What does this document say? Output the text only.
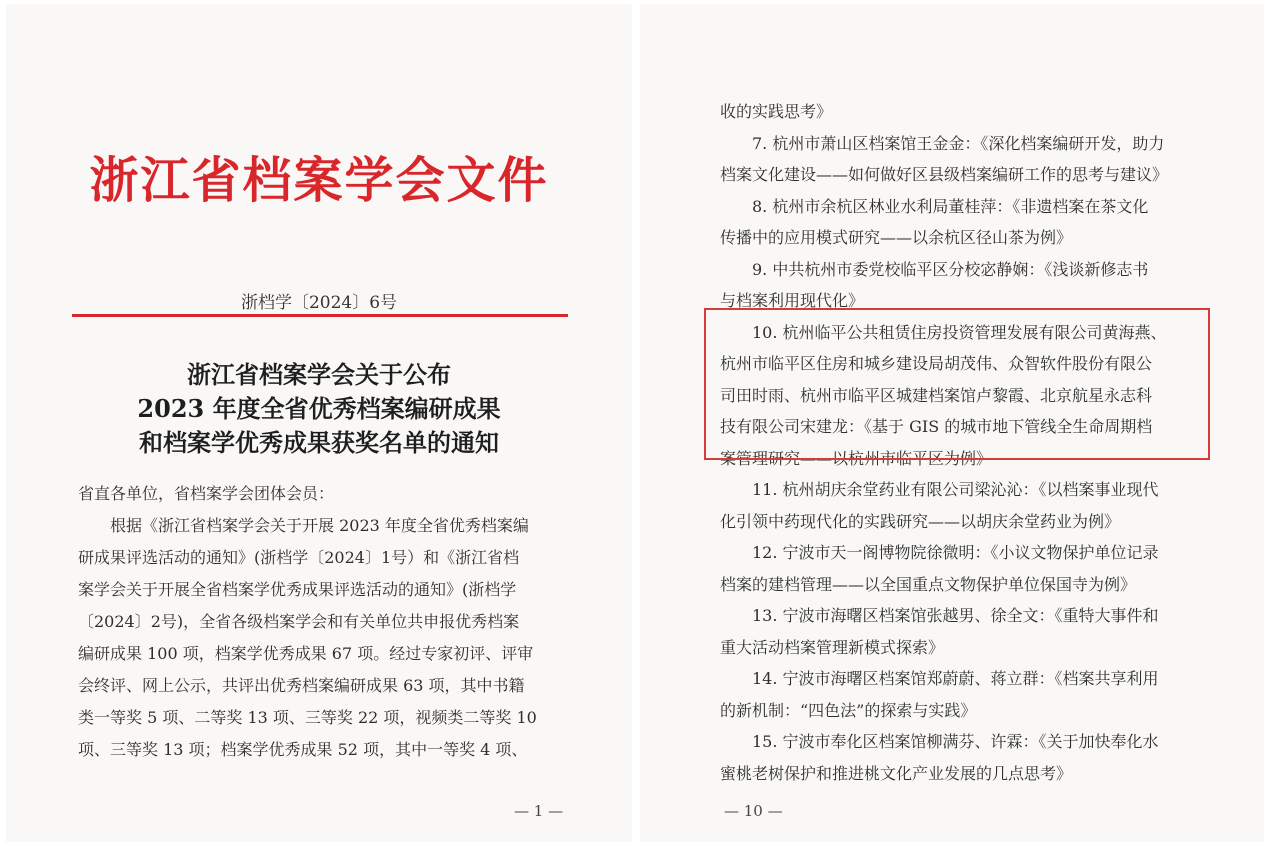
浙江省档案学会文件
浙档学〔2024〕6号
浙江省档案学会关于公布
2023 年度全省优秀档案编研成果
和档案学优秀成果获奖名单的通知
省直各单位，省档案学会团体会员：
根据《浙江省档案学会关于开展 2023 年度全省优秀档案编
研成果评选活动的通知》(浙档学〔2024〕1号）和《浙江省档
案学会关于开展全省档案学优秀成果评选活动的通知》(浙档学
〔2024〕2号)，全省各级档案学会和有关单位共申报优秀档案
编研成果 100 项，档案学优秀成果 67 项。经过专家初评、评审
会终评、网上公示，共评出优秀档案编研成果 63 项，其中书籍
类一等奖 5 项、二等奖 13 项、三等奖 22 项，视频类二等奖 10
项、三等奖 13 项；档案学优秀成果 52 项，其中一等奖 4 项、
— 1 —
收的实践思考》
7. 杭州市萧山区档案馆王金金：《深化档案编研开发，助力
档案文化建设——如何做好区县级档案编研工作的思考与建议》
8. 杭州市余杭区林业水利局董桂萍：《非遗档案在茶文化
传播中的应用模式研究——以余杭区径山茶为例》
9. 中共杭州市委党校临平区分校宓静娴：《浅谈新修志书
与档案利用现代化》
10. 杭州临平公共租赁住房投资管理发展有限公司黄海燕、
杭州市临平区住房和城乡建设局胡茂伟、众智软件股份有限公
司田时雨、杭州市临平区城建档案馆卢黎霞、北京航星永志科
技有限公司宋建龙：《基于 GIS 的城市地下管线全生命周期档
案管理研究——以杭州市临平区为例》
11. 杭州胡庆余堂药业有限公司梁沁沁：《以档案事业现代
化引领中药现代化的实践研究——以胡庆余堂药业为例》
12. 宁波市天一阁博物院徐微明：《小议文物保护单位记录
档案的建档管理——以全国重点文物保护单位保国寺为例》
13. 宁波市海曙区档案馆张越男、徐全文：《重特大事件和
重大活动档案管理新模式探索》
14. 宁波市海曙区档案馆郑蔚蔚、蒋立群：《档案共享利用
的新机制：“四色法”的探索与实践》
15. 宁波市奉化区档案馆柳满芬、许霖：《关于加快奉化水
蜜桃老树保护和推进桃文化产业发展的几点思考》
— 10 —
